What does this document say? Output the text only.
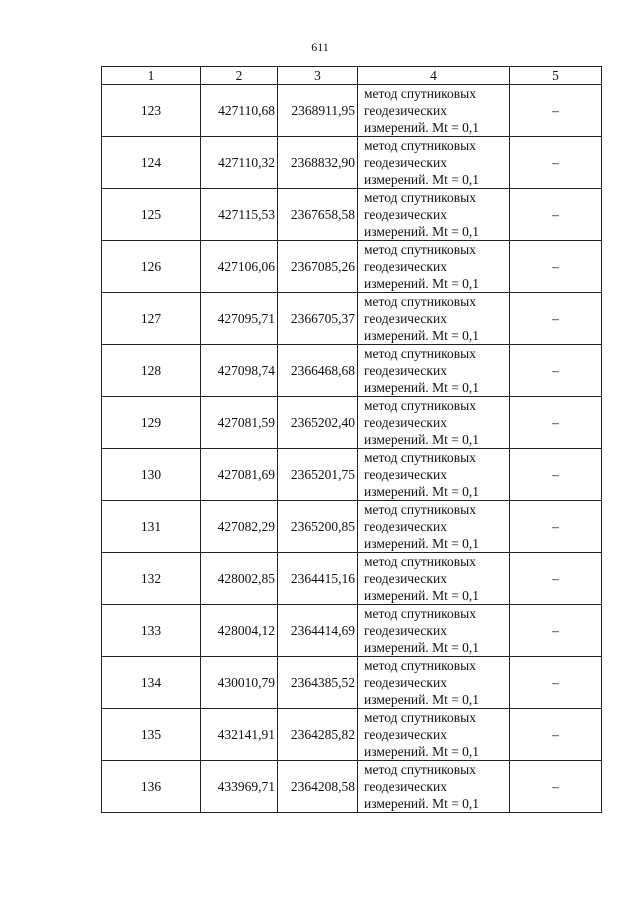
611
1	2	3	4	5
123	427110,68	2368911,95	метод спутниковых
геодезических
измерений. Mt = 0,1	–
124	427110,32	2368832,90	метод спутниковых
геодезических
измерений. Mt = 0,1	–
125	427115,53	2367658,58	метод спутниковых
геодезических
измерений. Mt = 0,1	–
126	427106,06	2367085,26	метод спутниковых
геодезических
измерений. Mt = 0,1	–
127	427095,71	2366705,37	метод спутниковых
геодезических
измерений. Mt = 0,1	–
128	427098,74	2366468,68	метод спутниковых
геодезических
измерений. Mt = 0,1	–
129	427081,59	2365202,40	метод спутниковых
геодезических
измерений. Mt = 0,1	–
130	427081,69	2365201,75	метод спутниковых
геодезических
измерений. Mt = 0,1	–
131	427082,29	2365200,85	метод спутниковых
геодезических
измерений. Mt = 0,1	–
132	428002,85	2364415,16	метод спутниковых
геодезических
измерений. Mt = 0,1	–
133	428004,12	2364414,69	метод спутниковых
геодезических
измерений. Mt = 0,1	–
134	430010,79	2364385,52	метод спутниковых
геодезических
измерений. Mt = 0,1	–
135	432141,91	2364285,82	метод спутниковых
геодезических
измерений. Mt = 0,1	–
136	433969,71	2364208,58	метод спутниковых
геодезических
измерений. Mt = 0,1	–
